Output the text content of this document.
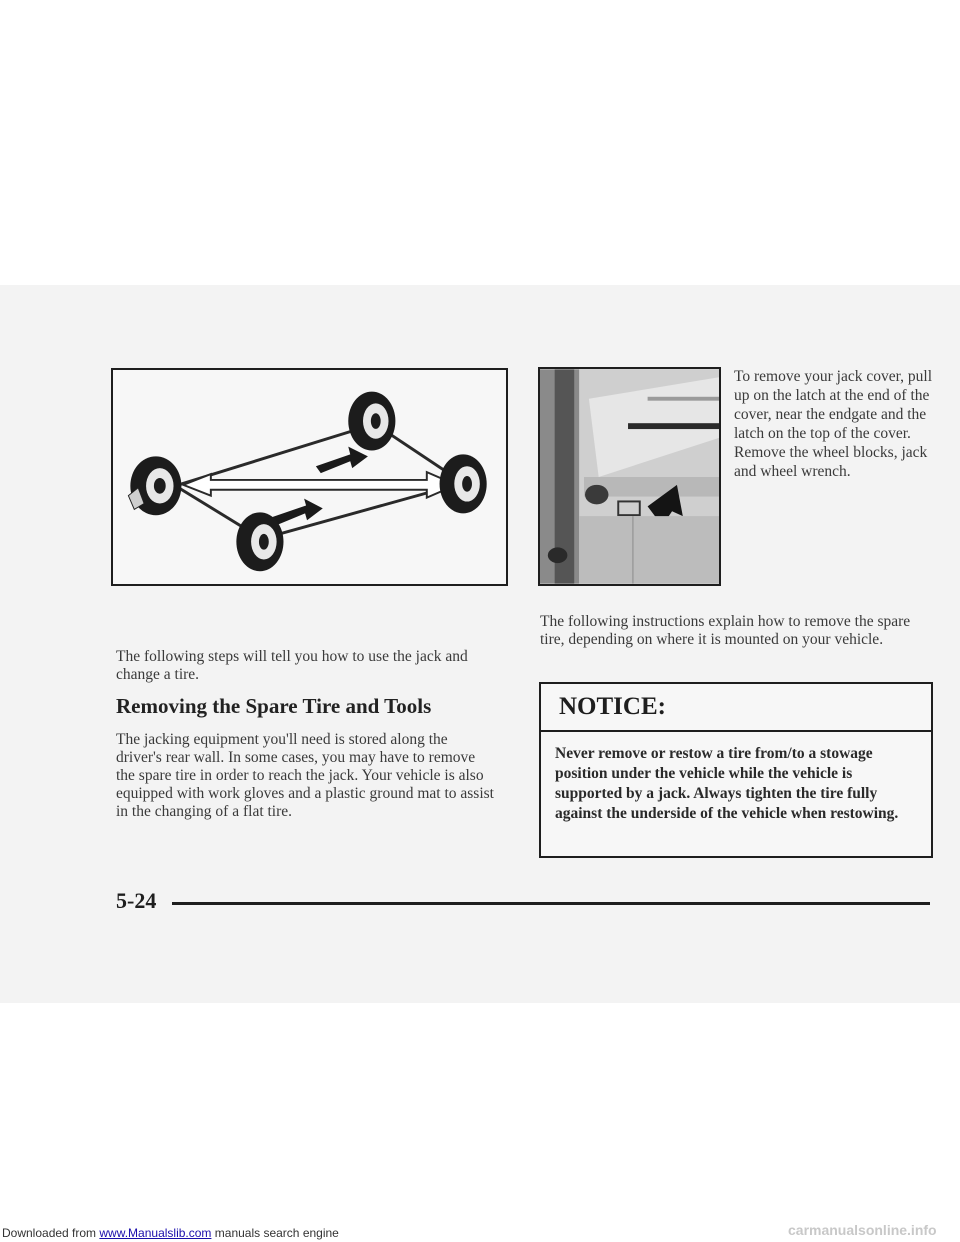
To remove your jack cover, pull up on the latch at the end of the cover, near the endgate and the latch on the top of the cover. Remove the wheel blocks, jack and wheel wrench.
The following instructions explain how to remove the spare tire, depending on where it is mounted on your vehicle.
The following steps will tell you how to use the jack and change a tire.
Removing the Spare Tire and Tools
The jacking equipment you'll need is stored along the driver's rear wall. In some cases, you may have to remove the spare tire in order to reach the jack. Your vehicle is also equipped with work gloves and a plastic ground mat to assist in the changing of a flat tire.
NOTICE:
Never remove or restow a tire from/to a stowage position under the vehicle while the vehicle is supported by a jack. Always tighten the tire fully against the underside of the vehicle when restowing.
5-24
Downloaded from www.Manualslib.com manuals search engine	carmanualsonline.info
